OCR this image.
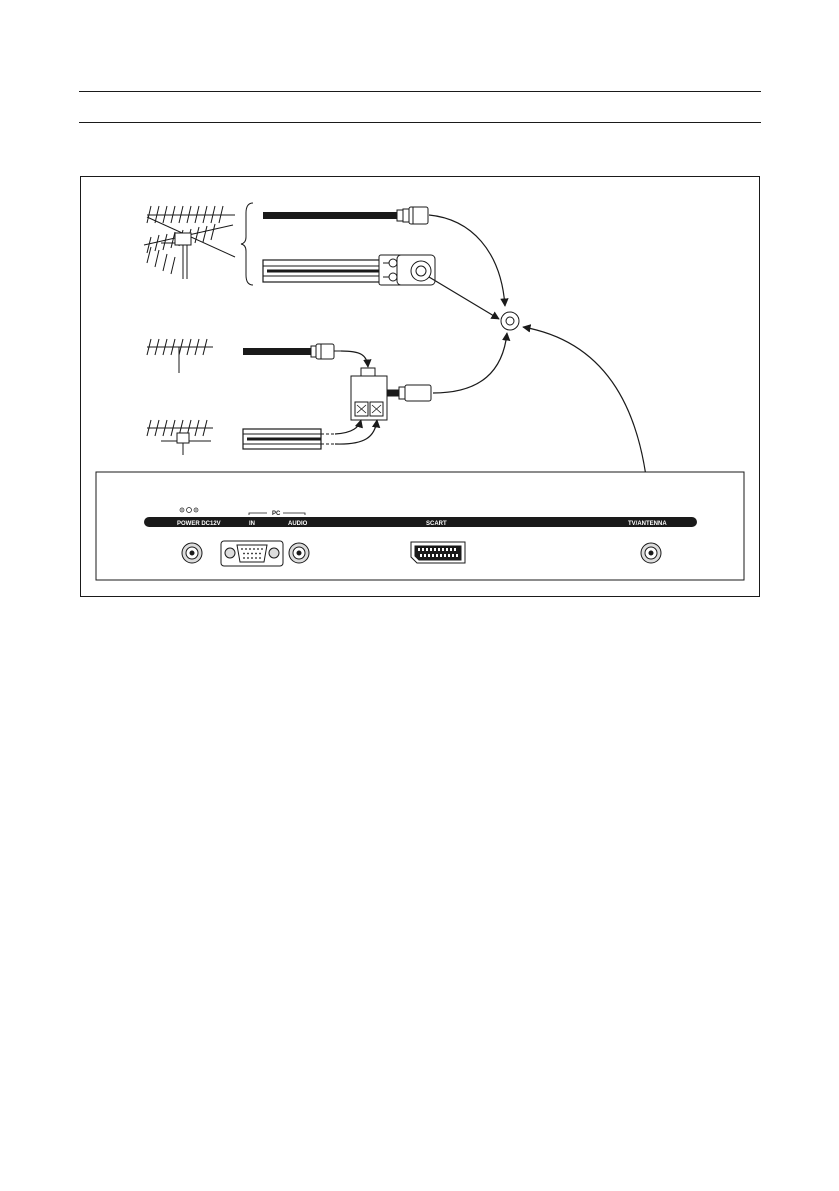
POWER DC12V
PC
IN	AUDIO	SCART	TV/ANTENNA
